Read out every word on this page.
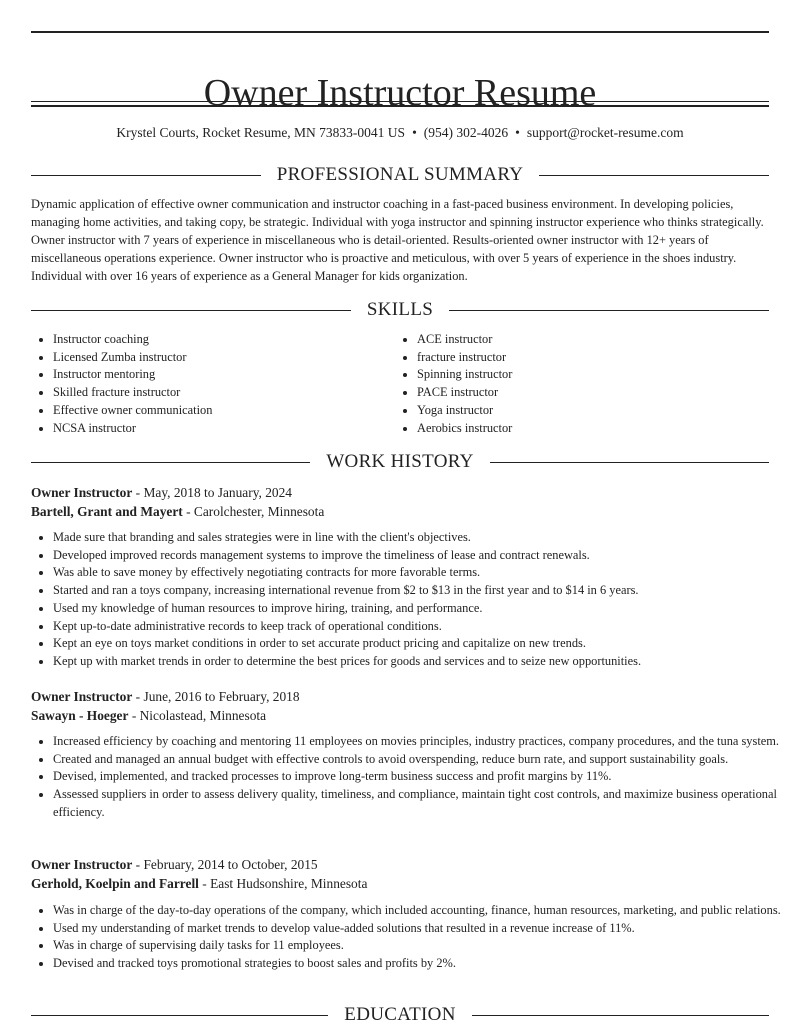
Owner Instructor Resume
Krystel Courts, Rocket Resume, MN 73833-0041 US • (954) 302-4026 • support@rocket-resume.com
PROFESSIONAL SUMMARY

Dynamic application of effective owner communication and instructor coaching in a fast-paced business environment. In developing policies, managing home activities, and taking copy, be strategic. Individual with yoga instructor and spinning instructor experience who thinks strategically. Owner instructor with 7 years of experience in miscellaneous who is detail-oriented. Results-oriented owner instructor with 12+ years of miscellaneous operations experience. Owner instructor who is proactive and meticulous, with over 5 years of experience in the shoes industry. Individual with over 16 years of experience as a General Manager for kids organization.

SKILLS
• Instructor coaching
• Licensed Zumba instructor
• Instructor mentoring
• Skilled fracture instructor
• Effective owner communication
• NCSA instructor
• ACE instructor
• fracture instructor
• Spinning instructor
• PACE instructor
• Yoga instructor
• Aerobics instructor
WORK HISTORY
Owner Instructor - May, 2018 to January, 2024
Bartell, Grant and Mayert - Carolchester, Minnesota
• Made sure that branding and sales strategies were in line with the client's objectives.
• Developed improved records management systems to improve the timeliness of lease and contract renewals.
• Was able to save money by effectively negotiating contracts for more favorable terms.
• Started and ran a toys company, increasing international revenue from $2 to $13 in the first year and to $14 in 6 years.
• Used my knowledge of human resources to improve hiring, training, and performance.
• Kept up-to-date administrative records to keep track of operational conditions.
• Kept an eye on toys market conditions in order to set accurate product pricing and capitalize on new trends.
• Kept up with market trends in order to determine the best prices for goods and services and to seize new opportunities.
Owner Instructor - June, 2016 to February, 2018
Sawayn - Hoeger - Nicolastead, Minnesota
• Increased efficiency by coaching and mentoring 11 employees on movies principles, industry practices, company procedures, and the tuna system.
• Created and managed an annual budget with effective controls to avoid overspending, reduce burn rate, and support sustainability goals.
• Devised, implemented, and tracked processes to improve long-term business success and profit margins by 11%.
• Assessed suppliers in order to assess delivery quality, timeliness, and compliance, maintain tight cost controls, and maximize business operational efficiency.
Owner Instructor - February, 2014 to October, 2015
Gerhold, Koelpin and Farrell - East Hudsonshire, Minnesota
• Was in charge of the day-to-day operations of the company, which included accounting, finance, human resources, marketing, and public relations.
• Used my understanding of market trends to develop value-added solutions that resulted in a revenue increase of 11%.
• Was in charge of supervising daily tasks for 11 employees.
• Devised and tracked toys promotional strategies to boost sales and profits by 2%.
EDUCATION
